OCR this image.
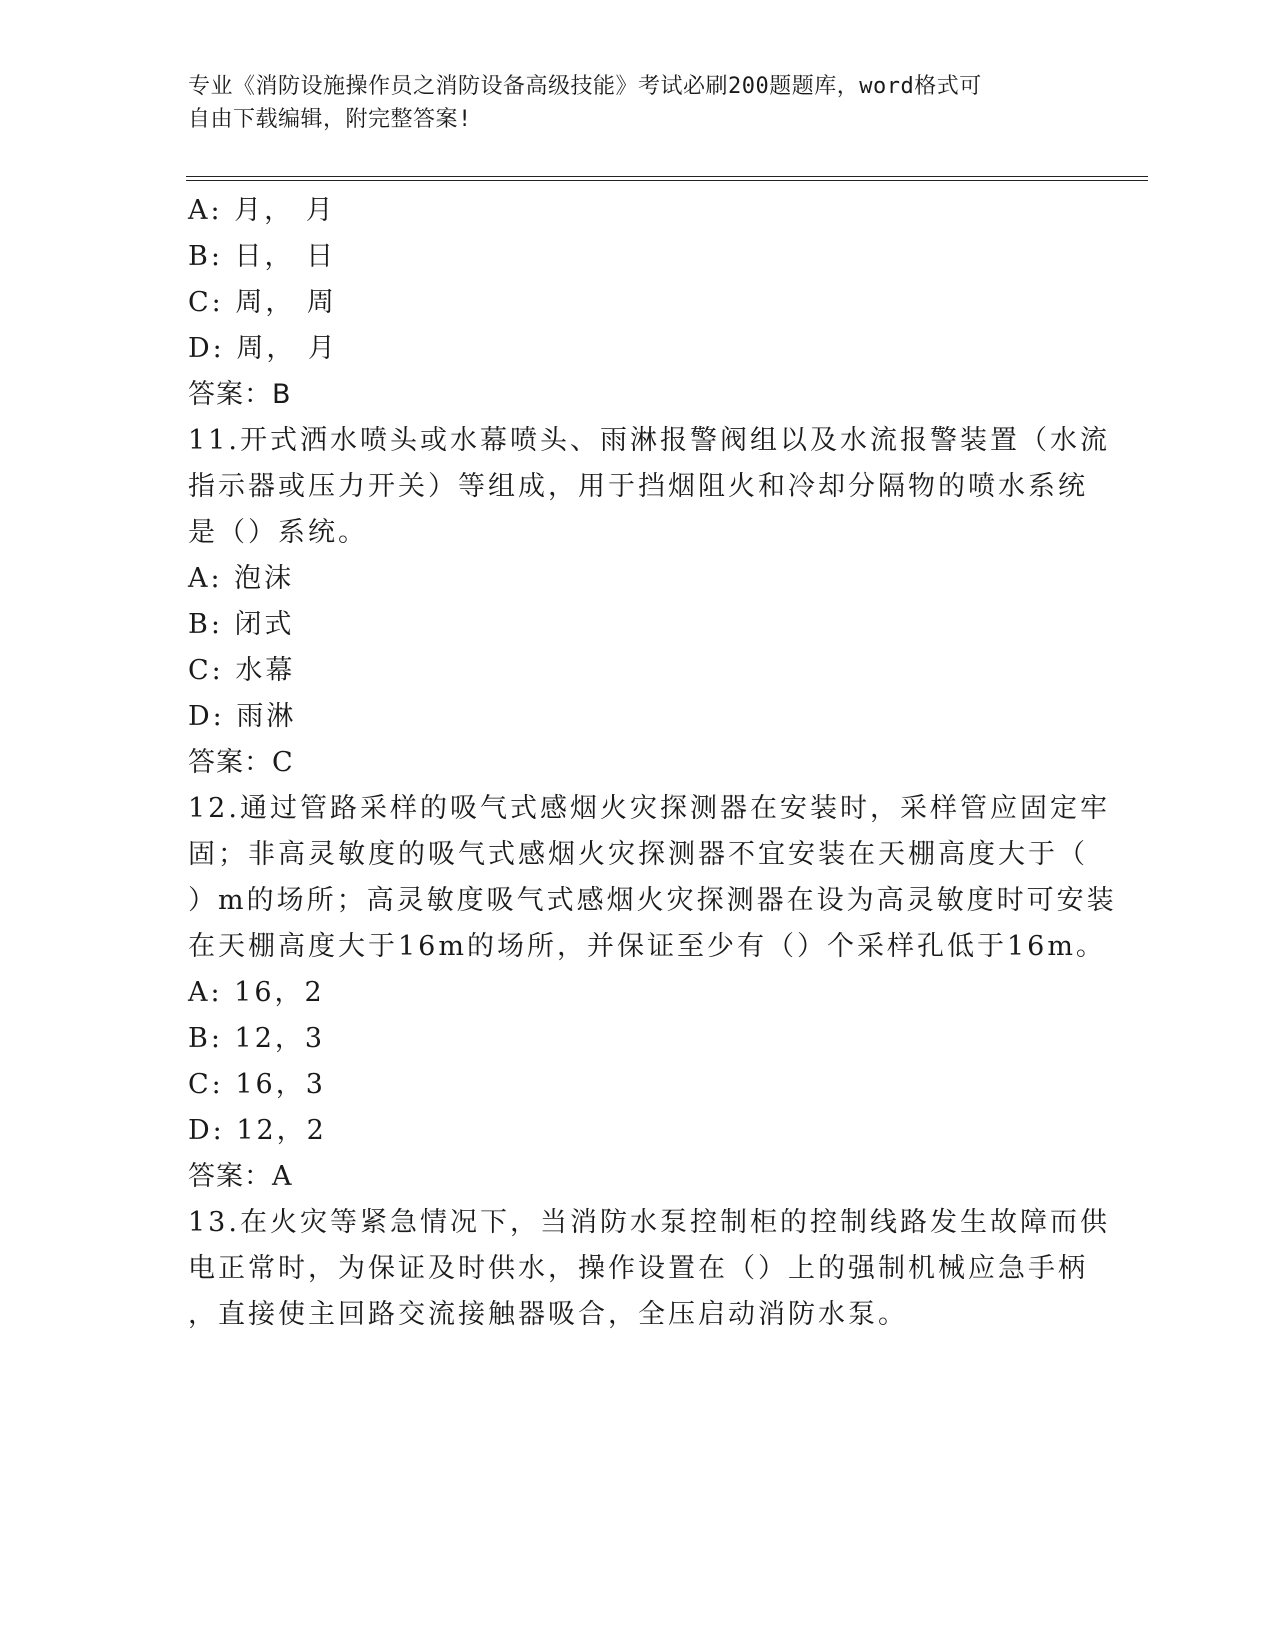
专业《消防设施操作员之消防设备高级技能》考试必刷200题题库，word格式可
自由下载编辑，附完整答案!
A: 月， 月
B: 日， 日
C: 周， 周
D: 周， 月
答案：B
11.开式洒水喷头或水幕喷头、雨淋报警阀组以及水流报警装置（水流
指示器或压力开关）等组成，用于挡烟阻火和冷却分隔物的喷水系统
是（）系统。
A: 泡沫
B: 闭式
C: 水幕
D: 雨淋
答案：C
12.通过管路采样的吸气式感烟火灾探测器在安装时，采样管应固定牢
固；非高灵敏度的吸气式感烟火灾探测器不宜安装在天棚高度大于（
）m的场所；高灵敏度吸气式感烟火灾探测器在设为高灵敏度时可安装
在天棚高度大于16m的场所，并保证至少有（）个采样孔低于16m。
A: 16，2
B: 12，3
C: 16，3
D: 12，2
答案：A
13.在火灾等紧急情况下，当消防水泵控制柜的控制线路发生故障而供
电正常时，为保证及时供水，操作设置在（）上的强制机械应急手柄
，直接使主回路交流接触器吸合，全压启动消防水泵。
